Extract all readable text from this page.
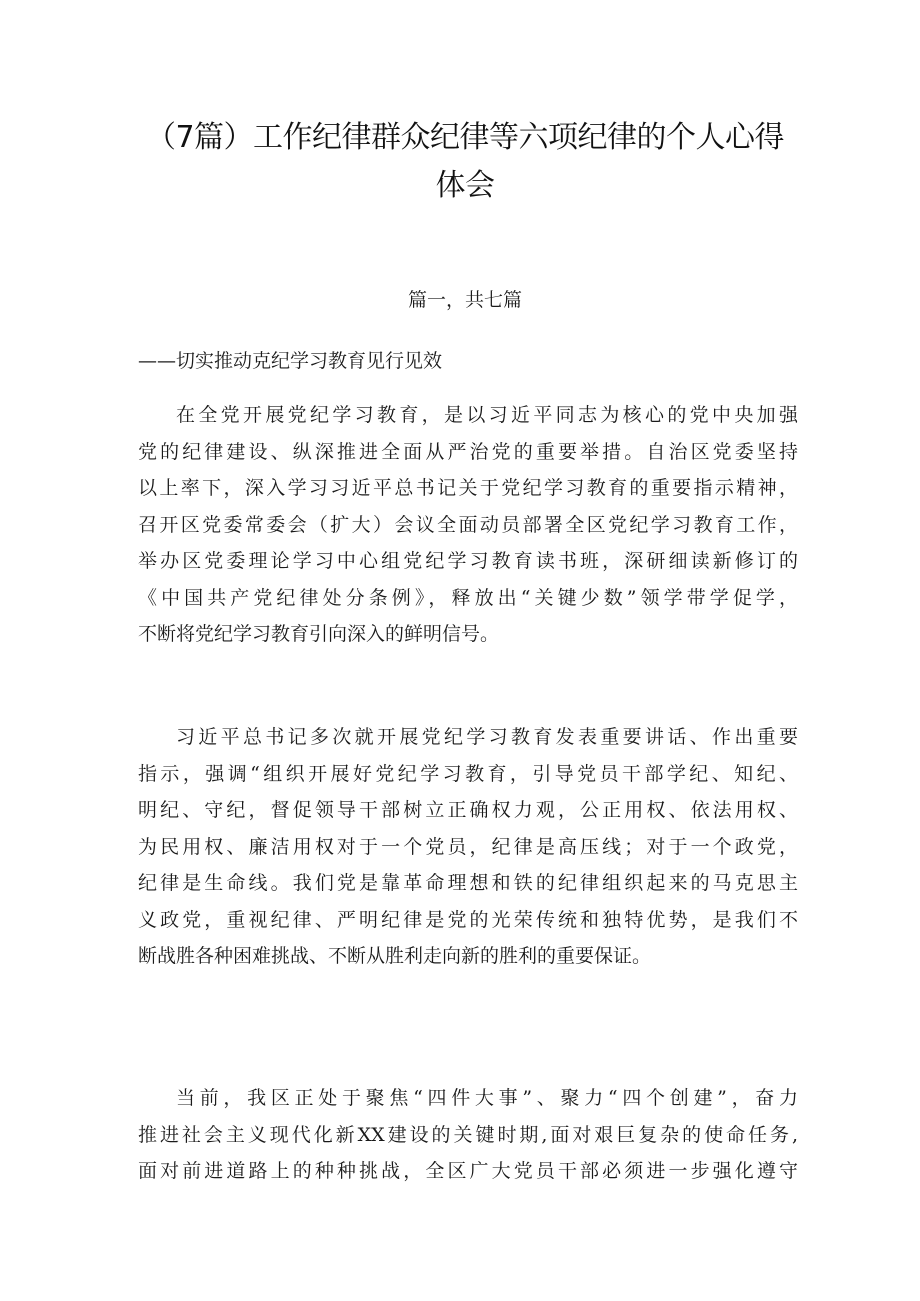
（7篇）工作纪律群众纪律等六项纪律的个人心得
体会
篇一，共七篇

——切实推动克纪学习教育见行见效

在全党开展党纪学习教育，是以习近平同志为核心的党中央加强
党的纪律建设、纵深推进全面从严治党的重要举措。自治区党委坚持
以上率下，深入学习习近平总书记关于党纪学习教育的重要指示精神，
召开区党委常委会（扩大）会议全面动员部署全区党纪学习教育工作，
举办区党委理论学习中心组党纪学习教育读书班，深研细读新修订的
《中国共产党纪律处分条例》，释放出“关键少数”领学带学促学，
不断将党纪学习教育引向深入的鲜明信号。
习近平总书记多次就开展党纪学习教育发表重要讲话、作出重要
指示，强调“组织开展好党纪学习教育，引导党员干部学纪、知纪、
明纪、守纪，督促领导干部树立正确权力观，公正用权、依法用权、
为民用权、廉洁用权对于一个党员，纪律是高压线；对于一个政党，
纪律是生命线。我们党是靠革命理想和铁的纪律组织起来的马克思主
义政党，重视纪律、严明纪律是党的光荣传统和独特优势，是我们不
断战胜各种困难挑战、不断从胜利走向新的胜利的重要保证。
当前，我区正处于聚焦“四件大事”、聚力“四个创建”，奋力
推进社会主义现代化新XX建设的关键时期,面对艰巨复杂的使命任务,
面对前进道路上的种种挑战，全区广大党员干部必须进一步强化遵守
